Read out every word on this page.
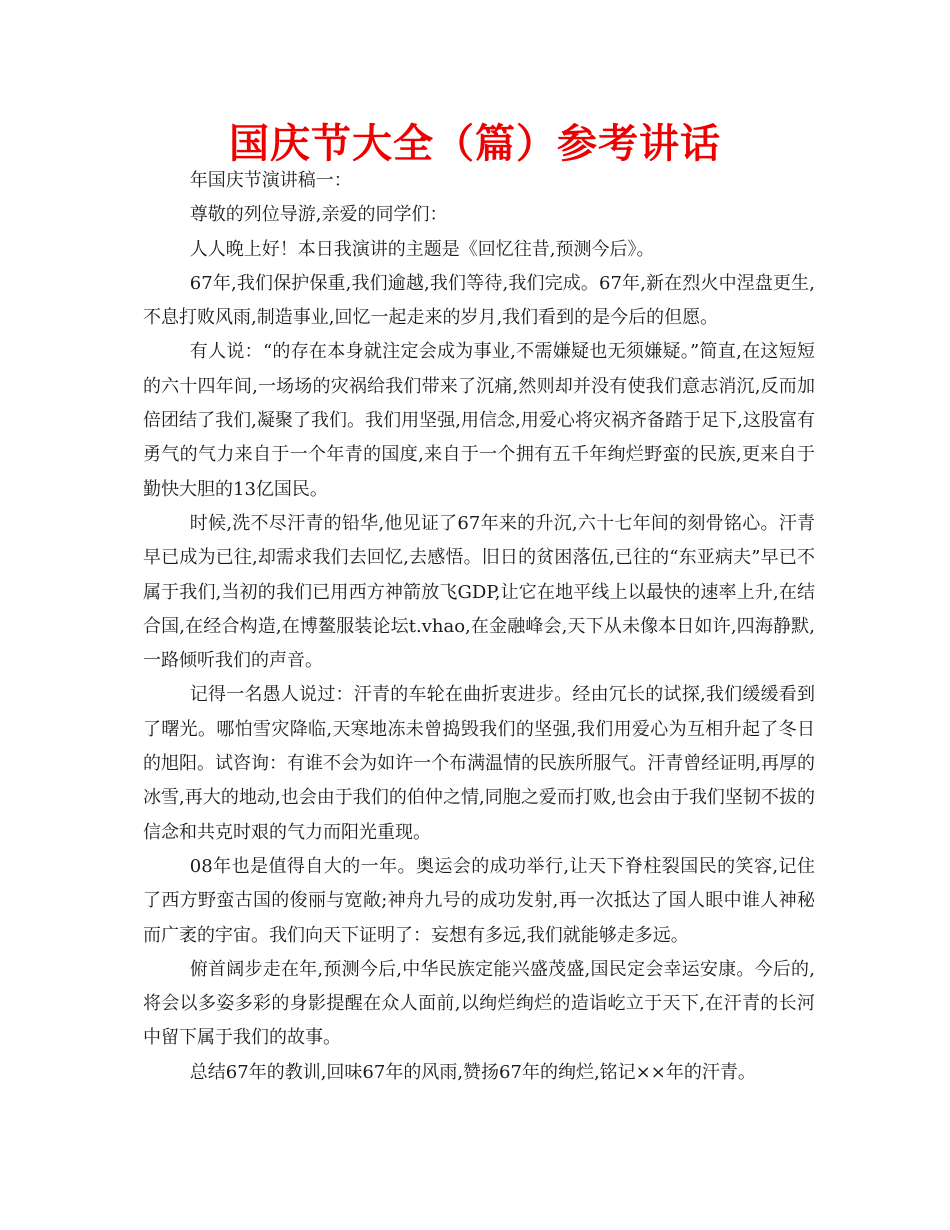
国庆节大全（篇）参考讲话

年国庆节演讲稿一：

尊敬的列位导游,亲爱的同学们：

人人晚上好！本日我演讲的主题是《回忆往昔,预测今后》。

67年,我们保护保重,我们逾越,我们等待,我们完成。67年,新在烈火中涅盘更生,不息打败风雨,制造事业,回忆一起走来的岁月,我们看到的是今后的但愿。

有人说：“的存在本身就注定会成为事业,不需嫌疑也无须嫌疑。”简直,在这短短的六十四年间,一场场的灾祸给我们带来了沉痛,然则却并没有使我们意志消沉,反而加倍团结了我们,凝聚了我们。我们用坚强,用信念,用爱心将灾祸齐备踏于足下,这股富有勇气的气力来自于一个年青的国度,来自于一个拥有五千年绚烂野蛮的民族,更来自于勤快大胆的13亿国民。

时候,洗不尽汗青的铅华,他见证了67年来的升沉,六十七年间的刻骨铭心。汗青早已成为已往,却需求我们去回忆,去感悟。旧日的贫困落伍,已往的“东亚病夫”早已不属于我们,当初的我们已用西方神箭放飞GDP,让它在地平线上以最快的速率上升,在结合国,在经合构造,在博鳌服装论坛t.vhao,在金融峰会,天下从未像本日如许,四海静默,一路倾听我们的声音。

记得一名愚人说过：汗青的车轮在曲折衷进步。经由冗长的试探,我们缓缓看到了曙光。哪怕雪灾降临,天寒地冻未曾捣毁我们的坚强,我们用爱心为互相升起了冬日的旭阳。试咨询：有谁不会为如许一个布满温情的民族所服气。汗青曾经证明,再厚的冰雪,再大的地动,也会由于我们的伯仲之情,同胞之爱而打败,也会由于我们坚韧不拔的信念和共克时艰的气力而阳光重现。

08年也是值得自大的一年。奥运会的成功举行,让天下脊柱裂国民的笑容,记住了西方野蛮古国的俊丽与宽敞;神舟九号的成功发射,再一次抵达了国人眼中谁人神秘而广袤的宇宙。我们向天下证明了：妄想有多远,我们就能够走多远。

俯首阔步走在年,预测今后,中华民族定能兴盛茂盛,国民定会幸运安康。今后的,将会以多姿多彩的身影提醒在众人面前,以绚烂绚烂的造诣屹立于天下,在汗青的长河中留下属于我们的故事。

总结67年的教训,回味67年的风雨,赞扬67年的绚烂,铭记××年的汗青。
